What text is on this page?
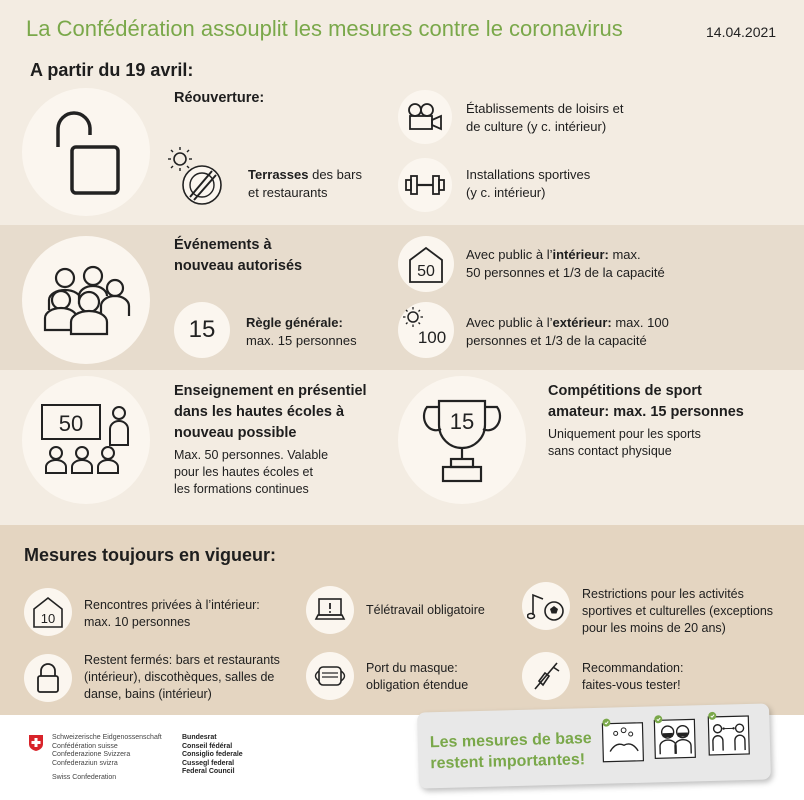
La Confédération assouplit les mesures contre le coronavirus	14.04.2021
A partir du 19 avril:
Réouverture:
Terrasses des bars
et restaurants
Établissements de loisirs et
de culture (y c. intérieur)
Installations sportives
(y c. intérieur)
Événements à
nouveau autorisés
15 Règle générale:
max. 15 personnes
50
Avec public à l’intérieur: max.
50 personnes et 1/3 de la capacité
100
Avec public à l’extérieur: max. 100
personnes et 1/3 de la capacité
50
Enseignement en présentiel
dans les hautes écoles à
nouveau possible
Max. 50 personnes. Valable
pour les hautes écoles et
les formations continues
15
Compétitions de sport
amateur: max. 15 personnes
Uniquement pour les sports
sans contact physique
Mesures toujours en vigueur:
10
Rencontres privées à l’intérieur:
max. 10 personnes
Télétravail obligatoire
Restrictions pour les activités
sportives et culturelles (exceptions
pour les moins de 20 ans)
Restent fermés: bars et restaurants
(intérieur), discothèques, salles de
danse, bains (intérieur)
Port du masque:
obligation étendue
Recommandation:
faites-vous tester!
Schweizerische Eidgenossenschaft
Confédération suisse
Confederazione Svizzera
Confederaziun svizra
Swiss Confederation
Bundesrat
Conseil fédéral
Consiglio federale
Cussegl federal
Federal Council
Les mesures de base
restent importantes!
